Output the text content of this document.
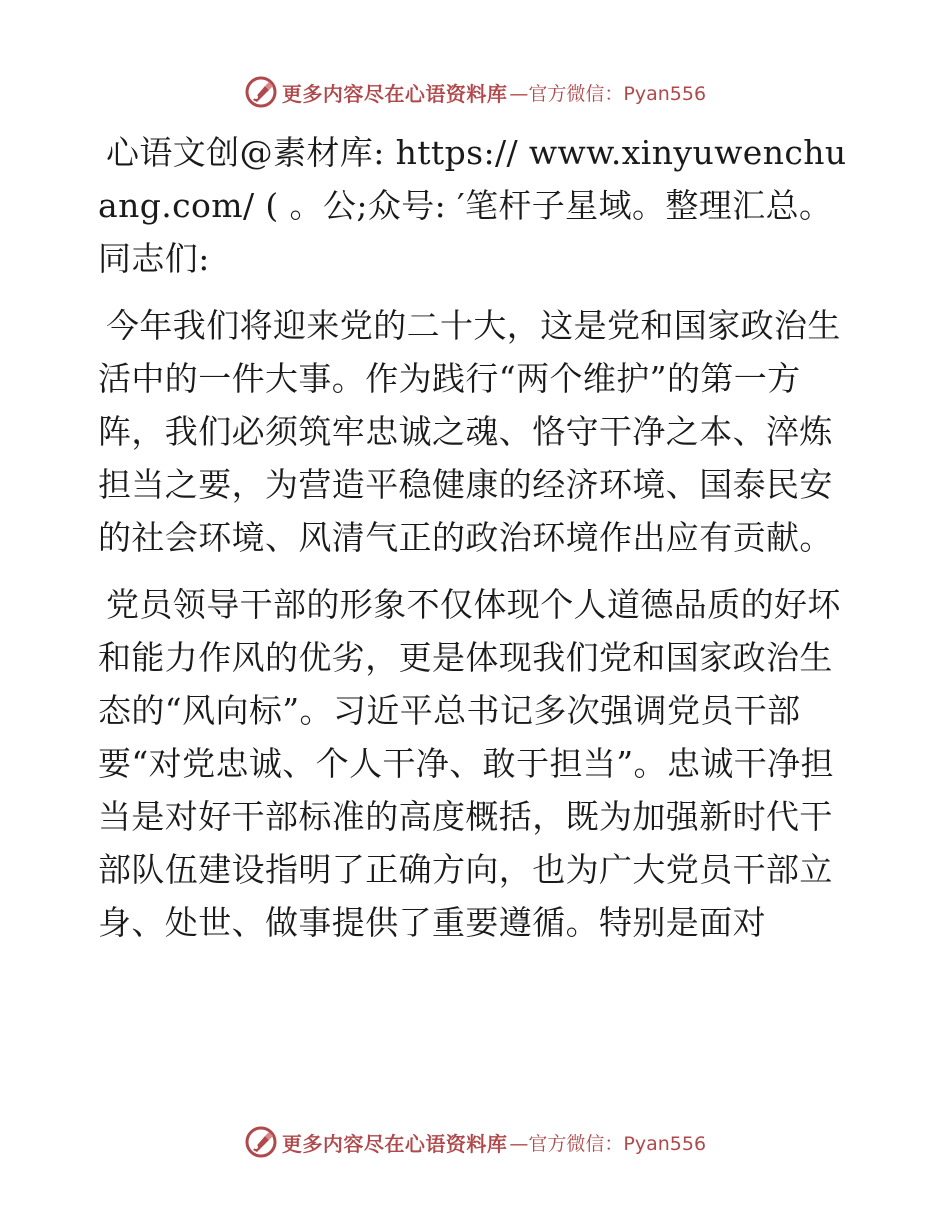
更多内容尽在心语资料库 —官方微信：Pyan556

心语文创@素材库: https:// www.xinyuwenchuang.com/ ( 。公;众号: ′笔杆子星域。整理汇总。同志们:

今年我们将迎来党的二十大，这是党和国家政治生活中的一件大事。作为践行“两个维护”的第一方阵，我们必须筑牢忠诚之魂、恪守干净之本、淬炼担当之要，为营造平稳健康的经济环境、国泰民安的社会环境、风清气正的政治环境作出应有贡献。

党员领导干部的形象不仅体现个人道德品质的好坏和能力作风的优劣，更是体现我们党和国家政治生态的“风向标”。习近平总书记多次强调党员干部要“对党忠诚、个人干净、敢于担当”。忠诚干净担当是对好干部标准的高度概括，既为加强新时代干部队伍建设指明了正确方向，也为广大党员干部立身、处世、做事提供了重要遵循。特别是面对

更多内容尽在心语资料库 —官方微信：Pyan556
